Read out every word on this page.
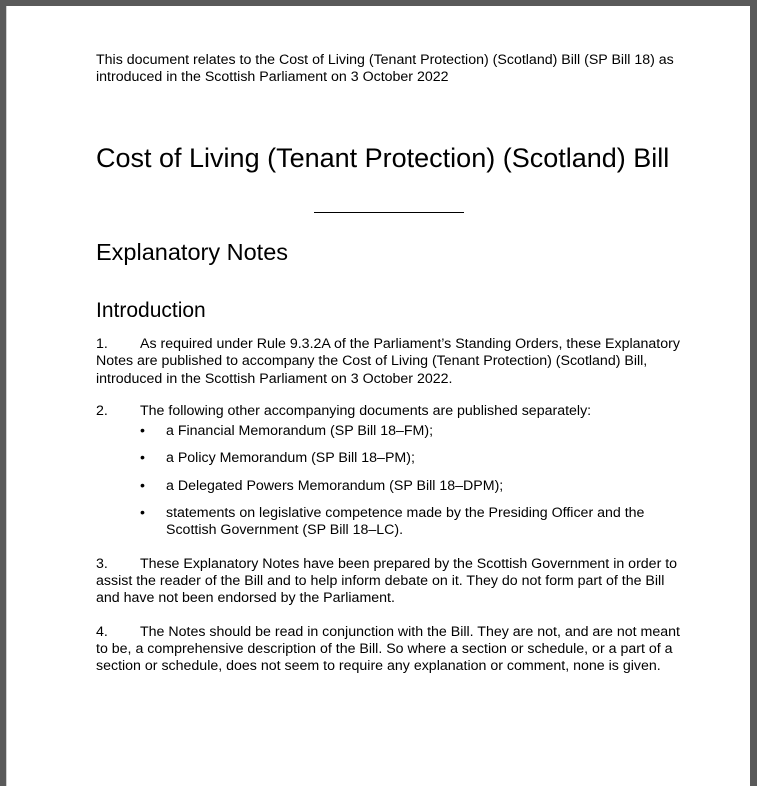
This document relates to the Cost of Living (Tenant Protection) (Scotland) Bill (SP Bill 18) as introduced in the Scottish Parliament on 3 October 2022

Cost of Living (Tenant Protection) (Scotland) Bill
Explanatory Notes
Introduction

1. As required under Rule 9.3.2A of the Parliament’s Standing Orders, these Explanatory Notes are published to accompany the Cost of Living (Tenant Protection) (Scotland) Bill, introduced in the Scottish Parliament on 3 October 2022.

2. The following other accompanying documents are published separately:

• a Financial Memorandum (SP Bill 18–FM);
• a Policy Memorandum (SP Bill 18–PM);
• a Delegated Powers Memorandum (SP Bill 18–DPM);
• statements on legislative competence made by the Presiding Officer and the Scottish Government (SP Bill 18–LC).

3. These Explanatory Notes have been prepared by the Scottish Government in order to assist the reader of the Bill and to help inform debate on it. They do not form part of the Bill and have not been endorsed by the Parliament.

4. The Notes should be read in conjunction with the Bill. They are not, and are not meant to be, a comprehensive description of the Bill. So where a section or schedule, or a part of a section or schedule, does not seem to require any explanation or comment, none is given.
